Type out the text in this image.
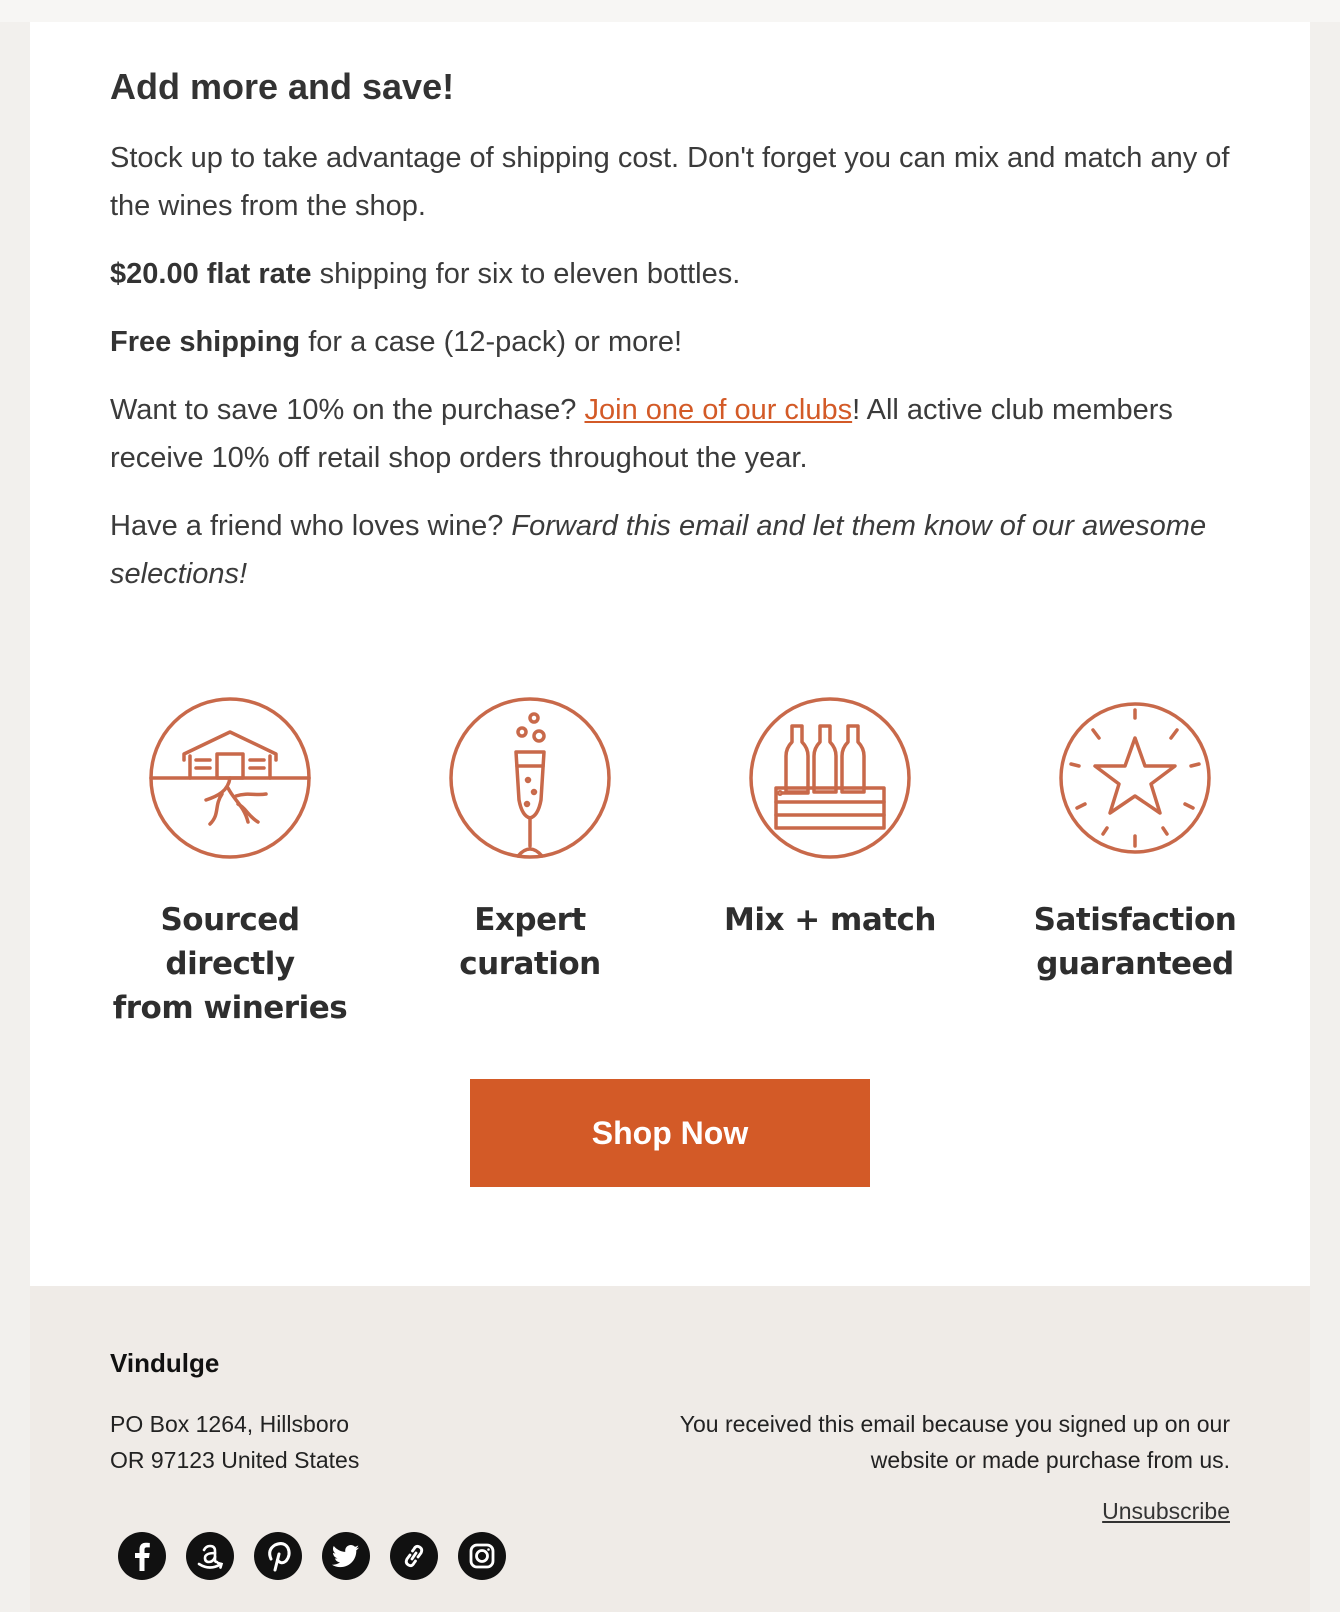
Add more and save!

Stock up to take advantage of shipping cost. Don't forget you can mix and match any of the wines from the shop.

$20.00 flat rate shipping for six to eleven bottles.

Free shipping for a case (12-pack) or more!

Want to save 10% on the purchase? Join one of our clubs! All active club members receive 10% off retail shop orders throughout the year.

Have a friend who loves wine? Forward this email and let them know of our awesome selections!

Sourced directly
from wineries
Expert curation

Mix + match	Satisfaction
guaranteed
Shop Now
Vindulge
PO Box 1264, Hillsboro
OR 97123 United States
You received this email because you signed up on our
website or made purchase from us.
Unsubscribe
